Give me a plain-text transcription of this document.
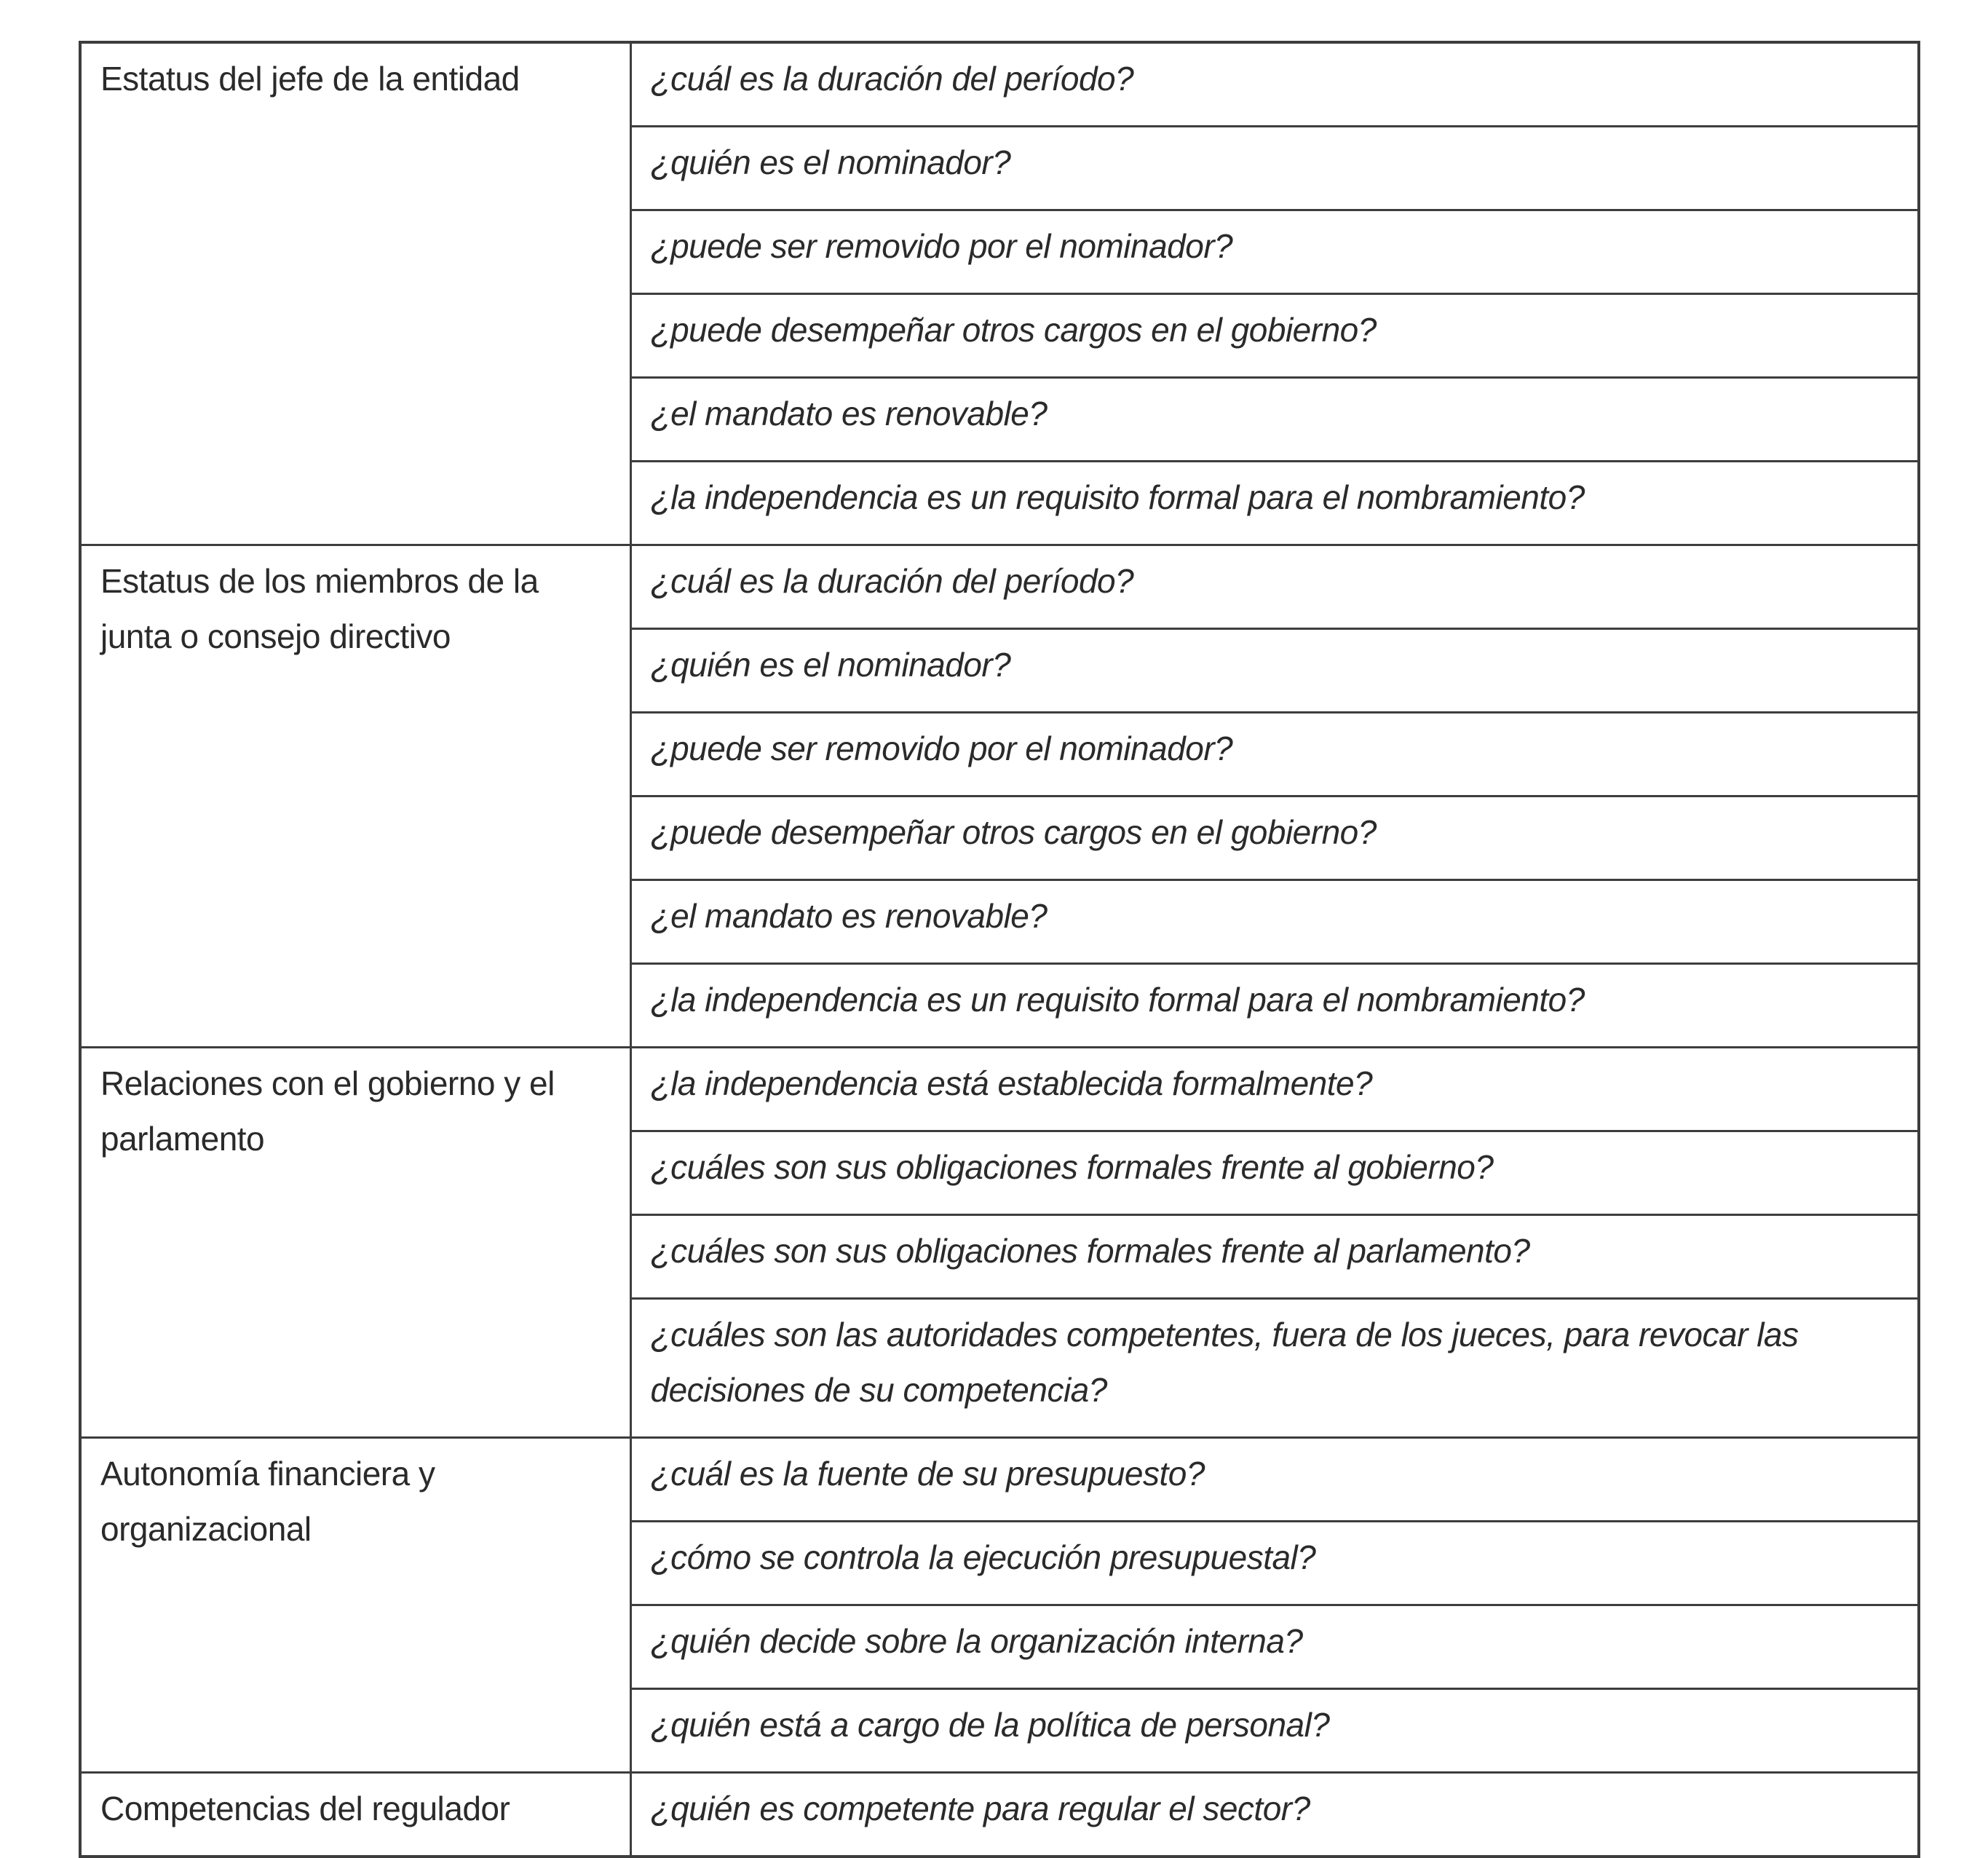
Estatus del jefe de la entidad	¿cuál es la duración del período?
	¿quién es el nominador?
	¿puede ser removido por el nominador?
	¿puede desempeñar otros cargos en el gobierno?
	¿el mandato es renovable?
	¿la independencia es un requisito formal para el nombramiento?
Estatus de los miembros de la junta o consejo directivo	¿cuál es la duración del período?
	¿quién es el nominador?
	¿puede ser removido por el nominador?
	¿puede desempeñar otros cargos en el gobierno?
	¿el mandato es renovable?
	¿la independencia es un requisito formal para el nombramiento?
Relaciones con el gobierno y el parlamento	¿la independencia está establecida formalmente?
	¿cuáles son sus obligaciones formales frente al gobierno?
	¿cuáles son sus obligaciones formales frente al parlamento?
	¿cuáles son las autoridades competentes, fuera de los jueces, para revocar las decisiones de su competencia?
Autonomía financiera y organizacional	¿cuál es la fuente de su presupuesto?
	¿cómo se controla la ejecución presupuestal?
	¿quién decide sobre la organización interna?
	¿quién está a cargo de la política de personal?
Competencias del regulador	¿quién es competente para regular el sector?
